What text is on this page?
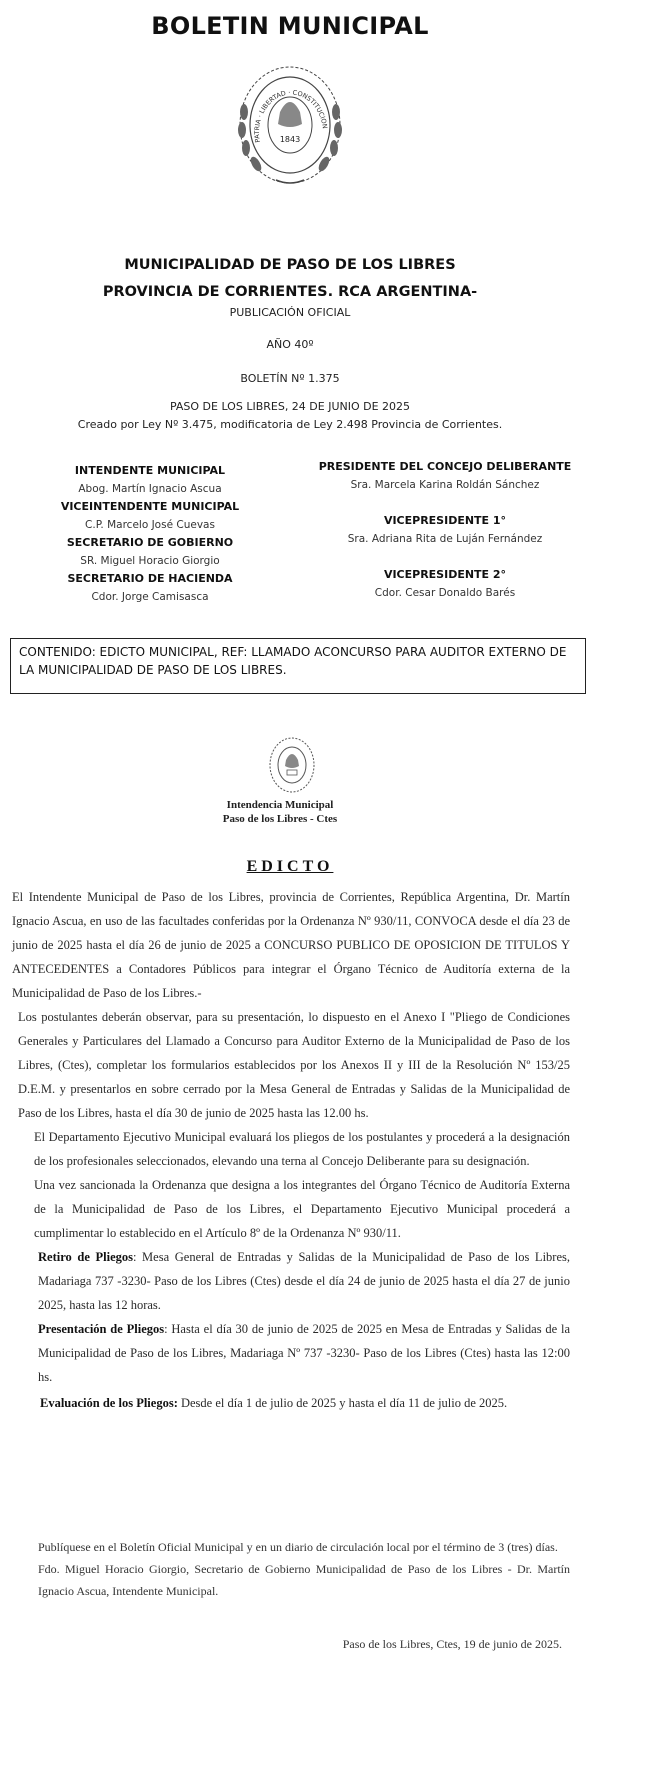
BOLETIN MUNICIPAL
PATRIA · LIBERTAD · CONSTITUCION
1843
MUNICIPALIDAD DE PASO DE LOS LIBRES
PROVINCIA DE CORRIENTES. RCA ARGENTINA-
PUBLICACIÓN OFICIAL
AÑO 40º
BOLETÍN Nº 1.375
PASO DE LOS LIBRES, 24 DE JUNIO DE 2025
Creado por Ley Nº 3.475, modificatoria de Ley 2.498 Provincia de Corrientes.
INTENDENTE MUNICIPAL
Abog. Martín Ignacio Ascua
VICEINTENDENTE MUNICIPAL
C.P. Marcelo José Cuevas
SECRETARIO DE GOBIERNO
SR. Miguel Horacio Giorgio
SECRETARIO DE HACIENDA
Cdor. Jorge Camisasca
PRESIDENTE DEL CONCEJO DELIBERANTE
Sra. Marcela Karina Roldán Sánchez
VICEPRESIDENTE 1°
Sra. Adriana Rita de Luján Fernández
VICEPRESIDENTE 2°
Cdor. Cesar Donaldo Barés
CONTENIDO: EDICTO MUNICIPAL, REF: LLAMADO ACONCURSO PARA AUDITOR EXTERNO DE LA MUNICIPALIDAD DE PASO DE LOS LIBRES.
Intendencia Municipal
Paso de los Libres - Ctes
EDICTO

El Intendente Municipal de Paso de los Libres, provincia de Corrientes, República Argentina, Dr. Martín Ignacio Ascua, en uso de las facultades conferidas por la Ordenanza Nº 930/11, CONVOCA desde el día 23 de junio de 2025 hasta el día 26 de junio de 2025 a CONCURSO PUBLICO DE OPOSICION DE TITULOS Y ANTECEDENTES a Contadores Públicos para integrar el Órgano Técnico de Auditoría externa de la Municipalidad de Paso de los Libres.-

Los postulantes deberán observar, para su presentación, lo dispuesto en el Anexo I "Pliego de Condiciones Generales y Particulares del Llamado a Concurso para Auditor Externo de la Municipalidad de Paso de los Libres, (Ctes), completar los formularios establecidos por los Anexos II y III de la Resolución Nº 153/25 D.E.M. y presentarlos en sobre cerrado por la Mesa General de Entradas y Salidas de la Municipalidad de Paso de los Libres, hasta el día 30 de junio de 2025 hasta las 12.00 hs.

El Departamento Ejecutivo Municipal evaluará los pliegos de los postulantes y procederá a la designación de los profesionales seleccionados, elevando una terna al Concejo Deliberante para su designación.

Una vez sancionada la Ordenanza que designa a los integrantes del Órgano Técnico de Auditoría Externa de la Municipalidad de Paso de los Libres, el Departamento Ejecutivo Municipal procederá a cumplimentar lo establecido en el Artículo 8º de la Ordenanza Nº 930/11.

Retiro de Pliegos: Mesa General de Entradas y Salidas de la Municipalidad de Paso de los Libres, Madariaga 737 -3230- Paso de los Libres (Ctes) desde el día 24 de junio de 2025 hasta el día 27 de junio 2025, hasta las 12 horas.

Presentación de Pliegos: Hasta el día 30 de junio de 2025 de 2025 en Mesa de Entradas y Salidas de la Municipalidad de Paso de los Libres, Madariaga Nº 737 -3230- Paso de los Libres (Ctes) hasta las 12:00 hs.

Evaluación de los Pliegos: Desde el día 1 de julio de 2025 y hasta el día 11 de julio de 2025.

Publíquese en el Boletín Oficial Municipal y en un diario de circulación local por el término de 3 (tres) días.

Fdo. Miguel Horacio Giorgio, Secretario de Gobierno Municipalidad de Paso de los Libres - Dr. Martín Ignacio Ascua, Intendente Municipal.

Paso de los Libres, Ctes, 19 de junio de 2025.
